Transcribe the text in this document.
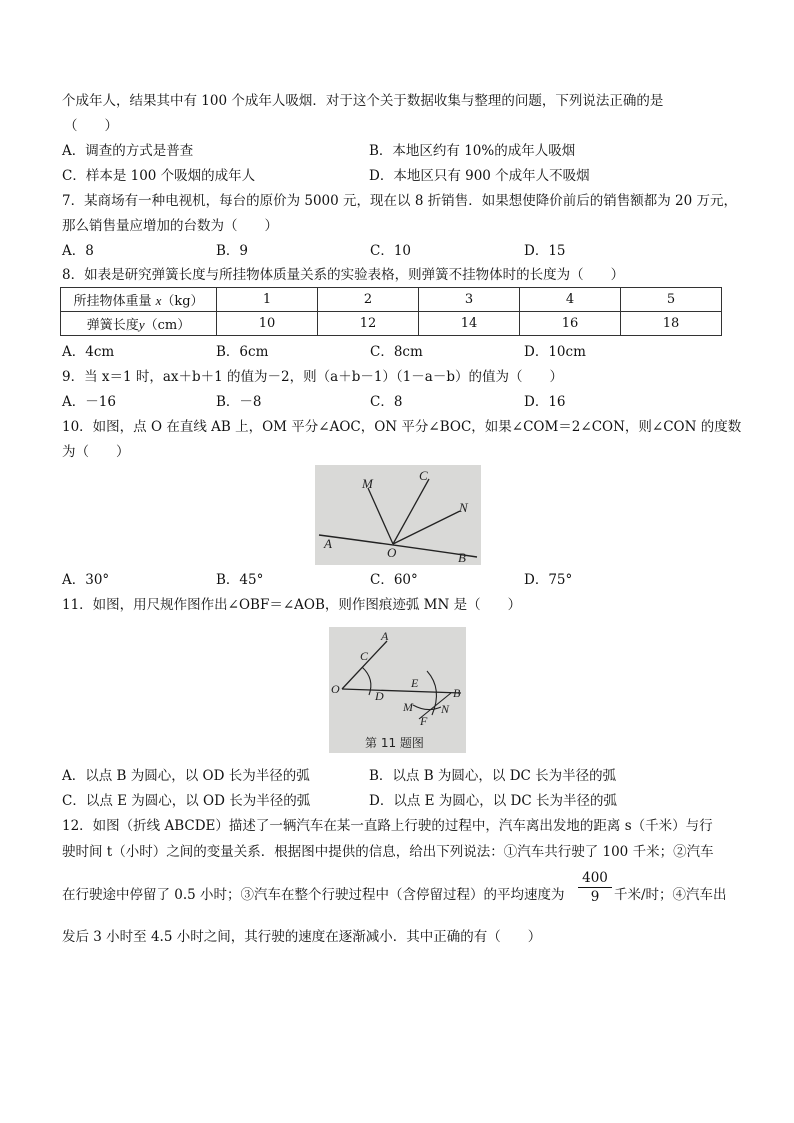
个成年人，结果其中有 100 个成年人吸烟．对于这个关于数据收集与整理的问题，下列说法正确的是
（　　）
A．调查的方式是普查	B．本地区约有 10%的成年人吸烟
C．样本是 100 个吸烟的成年人	D．本地区只有 900 个成年人不吸烟
7．某商场有一种电视机，每台的原价为 5000 元，现在以 8 折销售．如果想使降价前后的销售额都为 20 万元，
那么销售量应增加的台数为（　　）
A．8	B．9	C．10	D．15
8．如表是研究弹簧长度与所挂物体质量关系的实验表格，则弹簧不挂物体时的长度为（　　）
所挂物体重量 x（kg）	1	2	3	4	5
弹簧长度y（cm）	10	12	14	16	18
A．4cm	B．6cm	C．8cm	D．10cm
9．当 x＝1 时，ax＋b＋1 的值为－2，则（a＋b－1）（1－a－b）的值为（　　）
A．－16	B．－8	C．8	D．16
10．如图，点 O 在直线 AB 上，OM 平分∠AOC，ON 平分∠BOC，如果∠COM＝2∠CON，则∠CON 的度数
为（　　）
M
C
N
A
O	B
A．30°	B．45°	C．60°	D．75°
11．如图，用尺规作图作出∠OBF＝∠AOB，则作图痕迹弧 MN 是（　　）
A
C
O	D
E
B
M N
F
第 11 题图
A．以点 B 为圆心，以 OD 长为半径的弧	B．以点 B 为圆心，以 DC 长为半径的弧
C．以点 E 为圆心，以 OD 长为半径的弧	D．以点 E 为圆心，以 DC 长为半径的弧
12．如图（折线 ABCDE）描述了一辆汽车在某一直路上行驶的过程中，汽车离出发地的距离 s（千米）与行
驶时间 t（小时）之间的变量关系．根据图中提供的信息，给出下列说法：①汽车共行驶了 100 千米；②汽车
在行驶途中停留了 0.5 小时；③汽车在整个行驶过程中（含停留过程）的平均速度为 $\frac{400}{9}$ 千米/时；④汽车出
发后 3 小时至 4.5 小时之间，其行驶的速度在逐渐减小．其中正确的有（　　）
